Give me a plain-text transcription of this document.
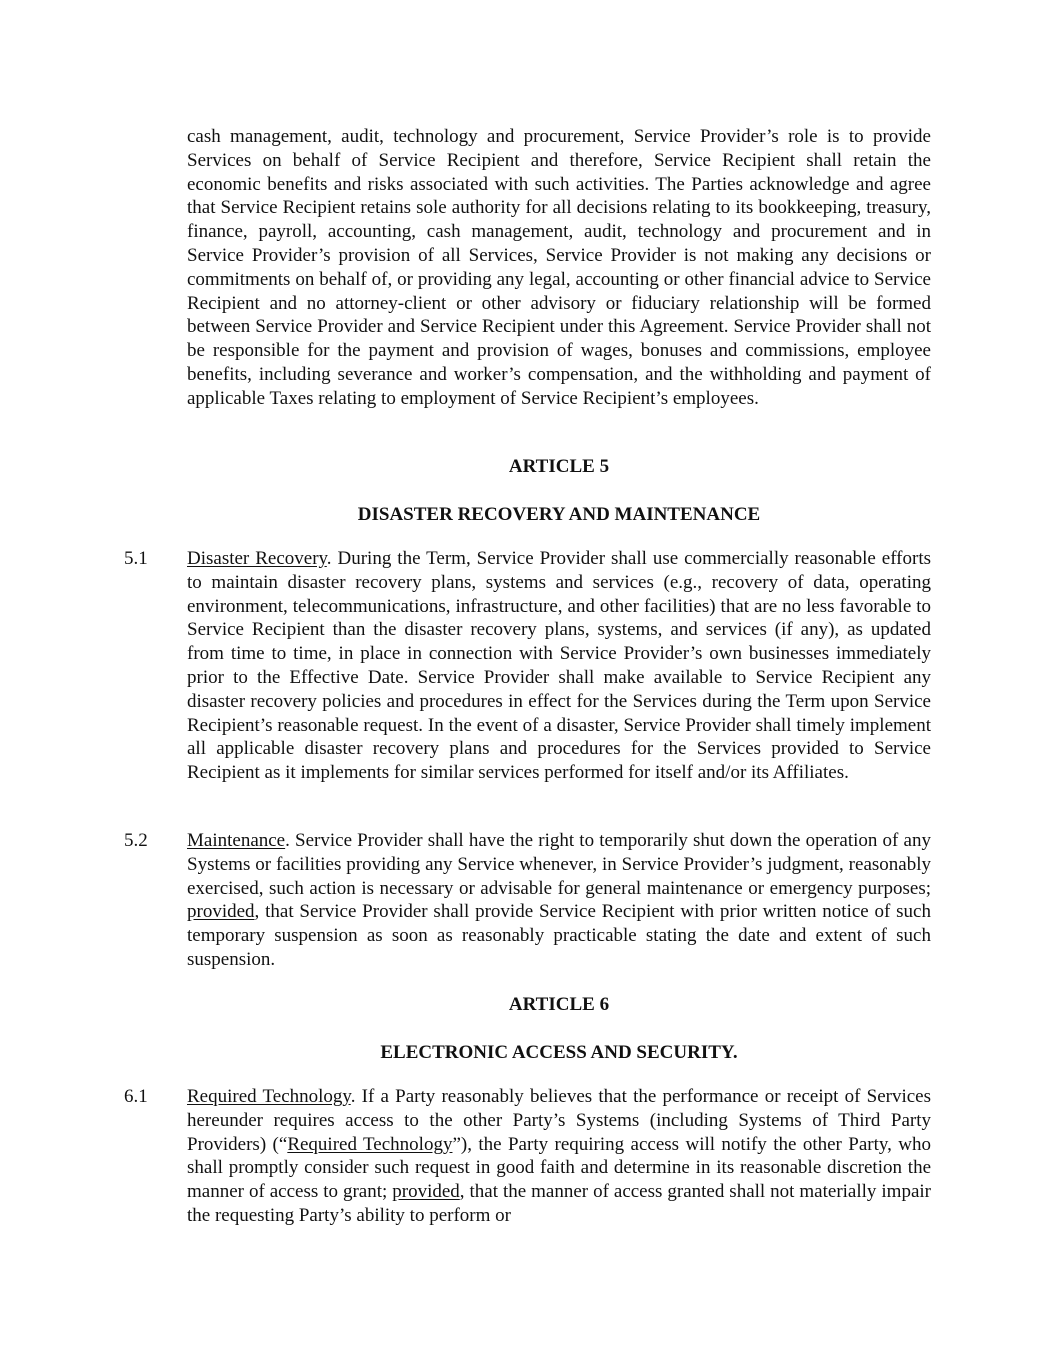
cash management, audit, technology and procurement, Service Provider’s role is to provide Services on behalf of Service Recipient and therefore, Service Recipient shall retain the economic benefits and risks associated with such activities. The Parties acknowledge and agree that Service Recipient retains sole authority for all decisions relating to its bookkeeping, treasury, finance, payroll, accounting, cash management, audit, technology and procurement and in Service Provider’s provision of all Services, Service Provider is not making any decisions or commitments on behalf of, or providing any legal, accounting or other financial advice to Service Recipient and no attorney-client or other advisory or fiduciary relationship will be formed between Service Provider and Service Recipient under this Agreement. Service Provider shall not be responsible for the payment and provision of wages, bonuses and commissions, employee benefits, including severance and worker’s compensation, and the withholding and payment of applicable Taxes relating to employment of Service Recipient’s employees.

ARTICLE 5

DISASTER RECOVERY AND MAINTENANCE

5.1 Disaster Recovery. During the Term, Service Provider shall use commercially reasonable efforts to maintain disaster recovery plans, systems and services (e.g., recovery of data, operating environment, telecommunications, infrastructure, and other facilities) that are no less favorable to Service Recipient than the disaster recovery plans, systems, and services (if any), as updated from time to time, in place in connection with Service Provider’s own businesses immediately prior to the Effective Date. Service Provider shall make available to Service Recipient any disaster recovery policies and procedures in effect for the Services during the Term upon Service Recipient’s reasonable request. In the event of a disaster, Service Provider shall timely implement all applicable disaster recovery plans and procedures for the Services provided to Service Recipient as it implements for similar services performed for itself and/or its Affiliates.

5.2 Maintenance. Service Provider shall have the right to temporarily shut down the operation of any Systems or facilities providing any Service whenever, in Service Provider’s judgment, reasonably exercised, such action is necessary or advisable for general maintenance or emergency purposes; provided, that Service Provider shall provide Service Recipient with prior written notice of such temporary suspension as soon as reasonably practicable stating the date and extent of such suspension.

ARTICLE 6

ELECTRONIC ACCESS AND SECURITY.

6.1 Required Technology. If a Party reasonably believes that the performance or receipt of Services hereunder requires access to the other Party’s Systems (including Systems of Third Party Providers) (“Required Technology”), the Party requiring access will notify the other Party, who shall promptly consider such request in good faith and determine in its reasonable discretion the manner of access to grant; provided, that the manner of access granted shall not materially impair the requesting Party’s ability to perform or
